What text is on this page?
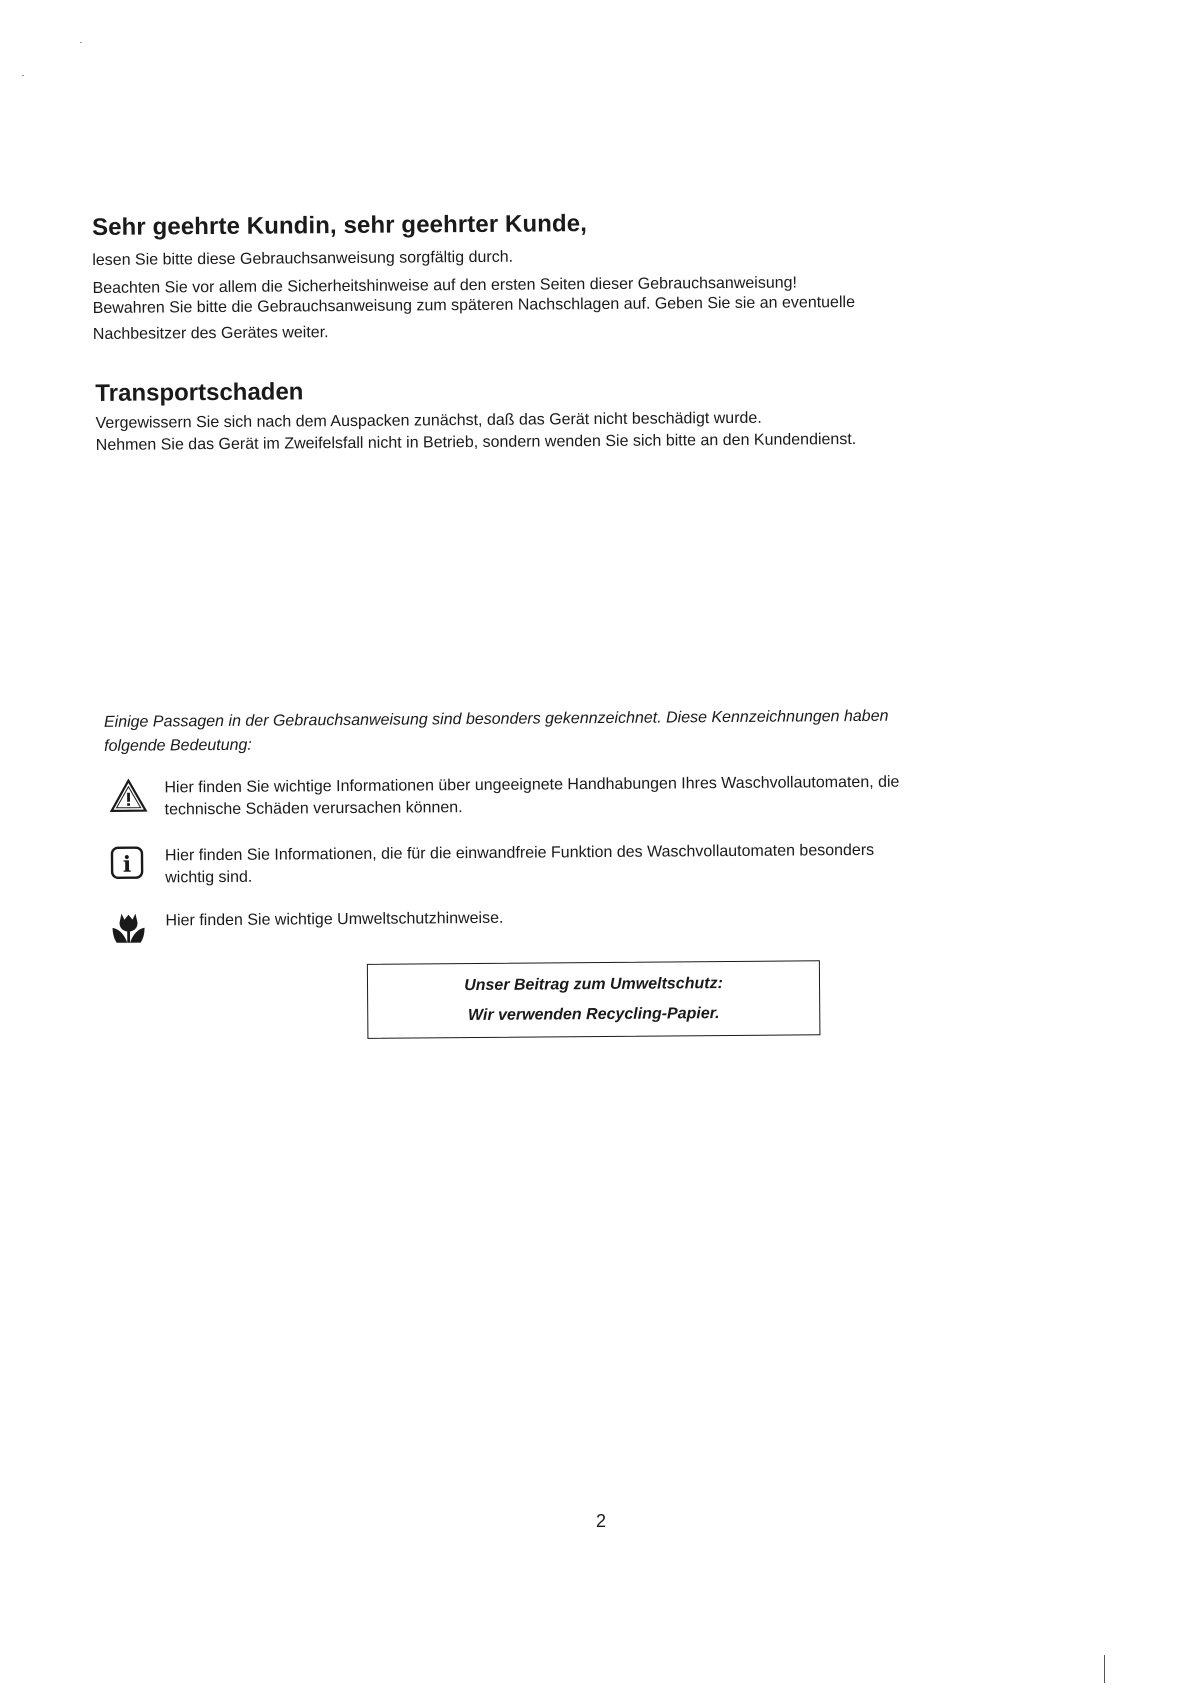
Sehr geehrte Kundin, sehr geehrter Kunde,

lesen Sie bitte diese Gebrauchsanweisung sorgfältig durch.

Beachten Sie vor allem die Sicherheitshinweise auf den ersten Seiten dieser Gebrauchsanweisung!

Bewahren Sie bitte die Gebrauchsanweisung zum späteren Nachschlagen auf. Geben Sie sie an eventuelle

Nachbesitzer des Gerätes weiter.

Transportschaden

Vergewissern Sie sich nach dem Auspacken zunächst, daß das Gerät nicht beschädigt wurde.

Nehmen Sie das Gerät im Zweifelsfall nicht in Betrieb, sondern wenden Sie sich bitte an den Kundendienst.

Einige Passagen in der Gebrauchsanweisung sind besonders gekennzeichnet. Diese Kennzeichnungen haben
folgende Bedeutung:
Hier finden Sie wichtige Informationen über ungeeignete Handhabungen Ihres Waschvollautomaten, die
technische Schäden verursachen können.
i Hier finden Sie Informationen, die für die einwandfreie Funktion des Waschvollautomaten besonders
wichtig sind.
Hier finden Sie wichtige Umweltschutzhinweise.
Unser Beitrag zum Umweltschutz:
Wir verwenden Recycling-Papier.
2
